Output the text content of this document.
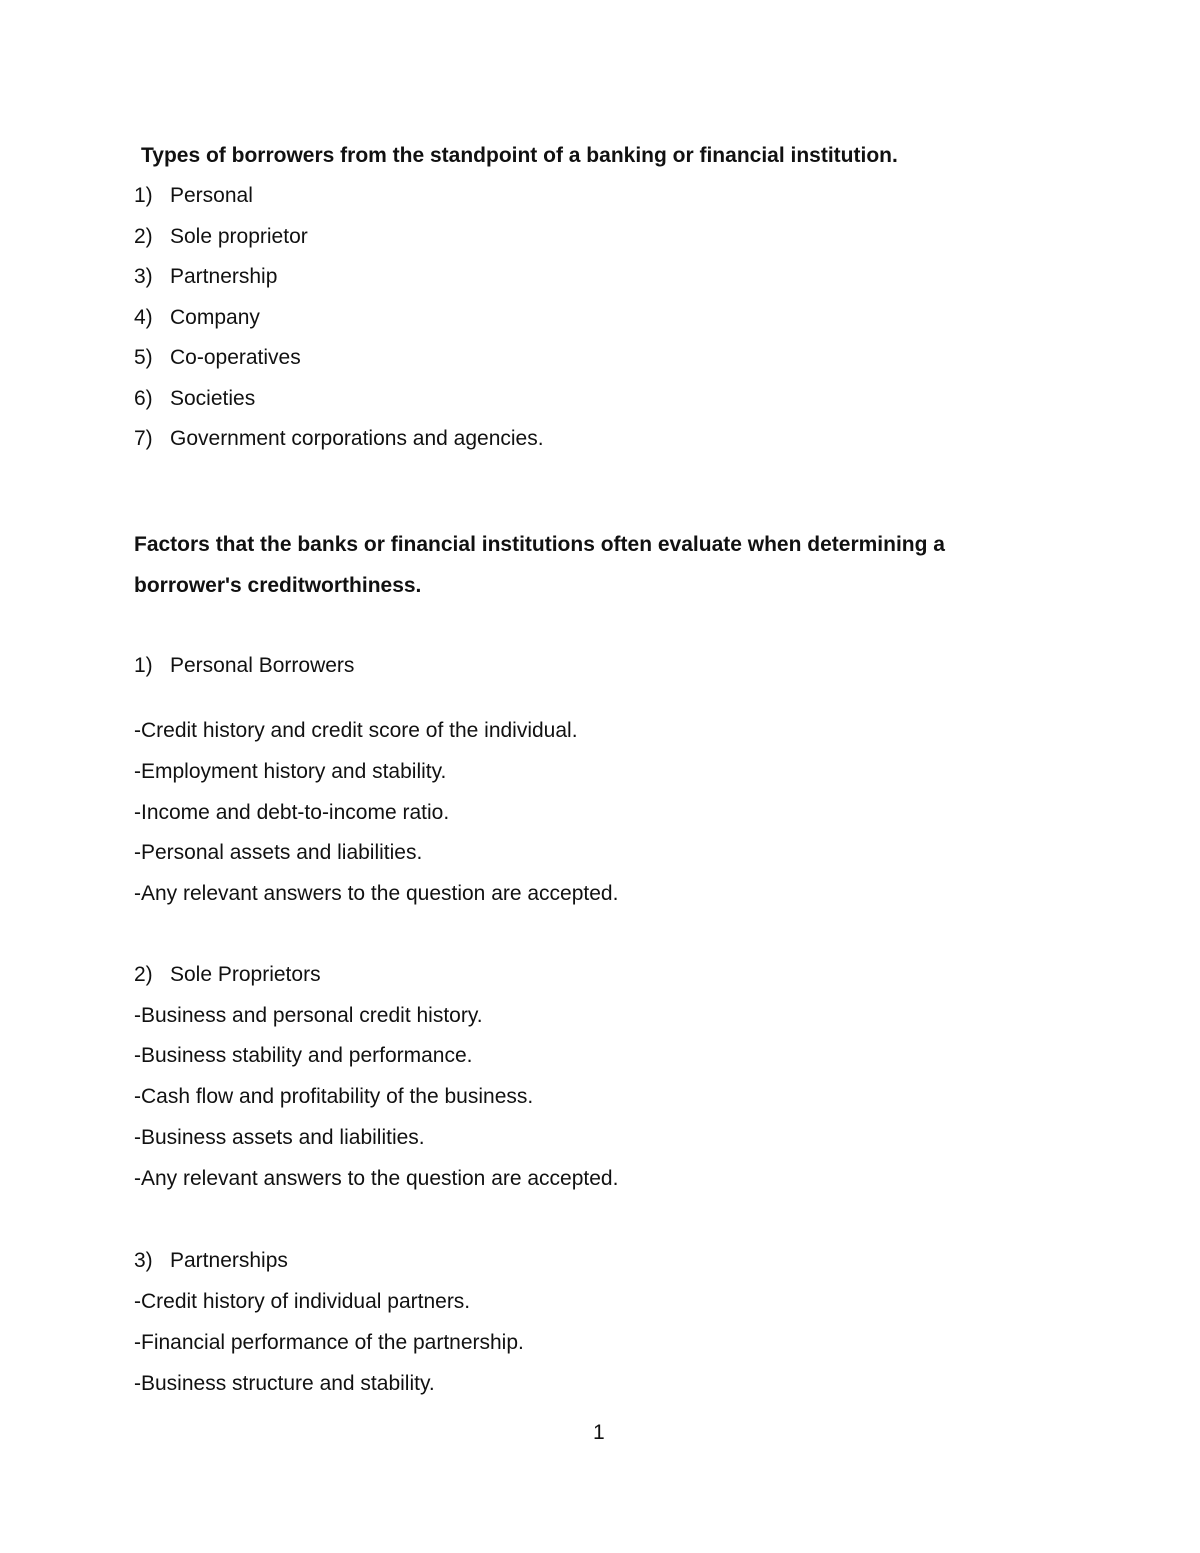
Types of borrowers from the standpoint of a banking or financial institution.
1) Personal
2) Sole proprietor
3) Partnership
4) Company
5) Co-operatives
6) Societies
7) Government corporations and agencies.
Factors that the banks or financial institutions often evaluate when determining a
borrower's creditworthiness.
1) Personal Borrowers
-Credit history and credit score of the individual.
-Employment history and stability.
-Income and debt-to-income ratio.
-Personal assets and liabilities.
-Any relevant answers to the question are accepted.
2) Sole Proprietors
-Business and personal credit history.
-Business stability and performance.
-Cash flow and profitability of the business.
-Business assets and liabilities.
-Any relevant answers to the question are accepted.
3) Partnerships
-Credit history of individual partners.
-Financial performance of the partnership.
-Business structure and stability.
1
